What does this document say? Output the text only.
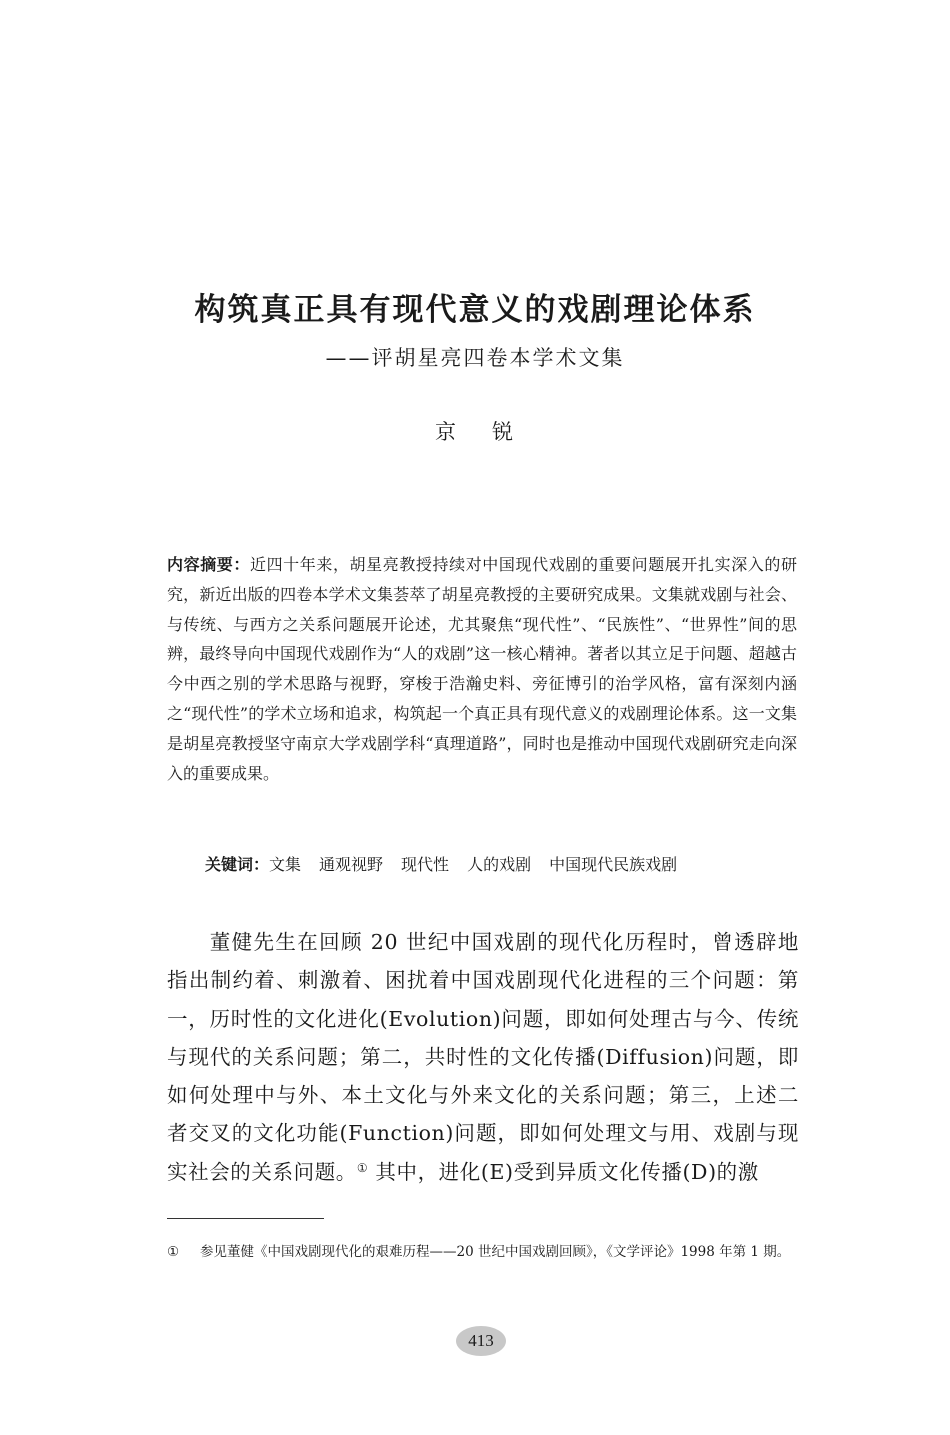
构筑真正具有现代意义的戏剧理论体系
——评胡星亮四卷本学术文集
京 锐

内容摘要：近四十年来，胡星亮教授持续对中国现代戏剧的重要问题展开扎实深入的研究，新近出版的四卷本学术文集荟萃了胡星亮教授的主要研究成果。文集就戏剧与社会、与传统、与西方之关系问题展开论述，尤其聚焦“现代性”、“民族性”、“世界性”间的思辨，最终导向中国现代戏剧作为“人的戏剧”这一核心精神。著者以其立足于问题、超越古今中西之别的学术思路与视野，穿梭于浩瀚史料、旁征博引的治学风格，富有深刻内涵之“现代性”的学术立场和追求，构筑起一个真正具有现代意义的戏剧理论体系。这一文集是胡星亮教授坚守南京大学戏剧学科“真理道路”，同时也是推动中国现代戏剧研究走向深入的重要成果。

关键词：文集 通观视野 现代性 人的戏剧 中国现代民族戏剧

董健先生在回顾 20 世纪中国戏剧的现代化历程时，曾透辟地指出制约着、刺激着、困扰着中国戏剧现代化进程的三个问题：第一，历时性的文化进化(Evolution)问题，即如何处理古与今、传统与现代的关系问题；第二，共时性的文化传播(Diffusion)问题，即如何处理中与外、本土文化与外来文化的关系问题；第三，上述二者交叉的文化功能(Function)问题，即如何处理文与用、戏剧与现实社会的关系问题。① 其中，进化(E)受到异质文化传播(D)的激

①	参见董健《中国戏剧现代化的艰难历程——20 世纪中国戏剧回顾》，《文学评论》1998 年第 1 期。
413
